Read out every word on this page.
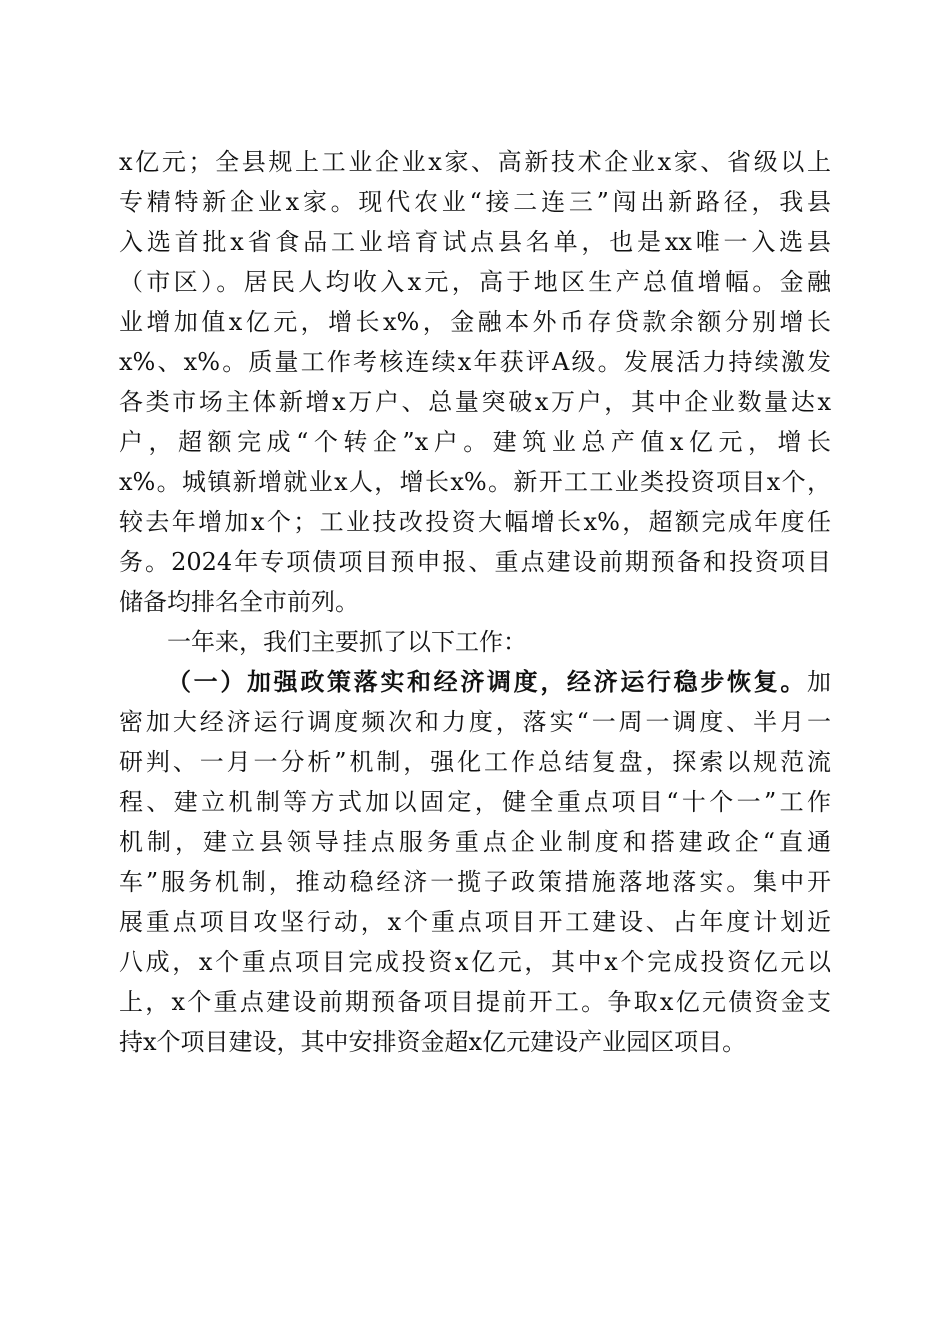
x亿元；全县规上工业企业x家、高新技术企业x家、省级以上
专精特新企业x家。现代农业“接二连三”闯出新路径，我县
入选首批x省食品工业培育试点县名单，也是xx唯一入选县
（市区）。居民人均收入x元，高于地区生产总值增幅。金融
业增加值x亿元，增长x%，金融本外币存贷款余额分别增长
x%、x%。质量工作考核连续x年获评A级。发展活力持续激发
各类市场主体新增x万户、总量突破x万户，其中企业数量达x
户，超额完成“个转企”x户。建筑业总产值x亿元，增长
x%。城镇新增就业x人，增长x%。新开工工业类投资项目x个，
较去年增加x个；工业技改投资大幅增长x%，超额完成年度任
务。2024年专项债项目预申报、重点建设前期预备和投资项目
储备均排名全市前列。
一年来，我们主要抓了以下工作：
（一）加强政策落实和经济调度，经济运行稳步恢复。加
密加大经济运行调度频次和力度，落实“一周一调度、半月一
研判、一月一分析”机制，强化工作总结复盘，探索以规范流
程、建立机制等方式加以固定，健全重点项目“十个一”工作
机制，建立县领导挂点服务重点企业制度和搭建政企“直通
车”服务机制，推动稳经济一揽子政策措施落地落实。集中开
展重点项目攻坚行动，x个重点项目开工建设、占年度计划近
八成，x个重点项目完成投资x亿元，其中x个完成投资亿元以
上，x个重点建设前期预备项目提前开工。争取x亿元债资金支
持x个项目建设，其中安排资金超x亿元建设产业园区项目。
